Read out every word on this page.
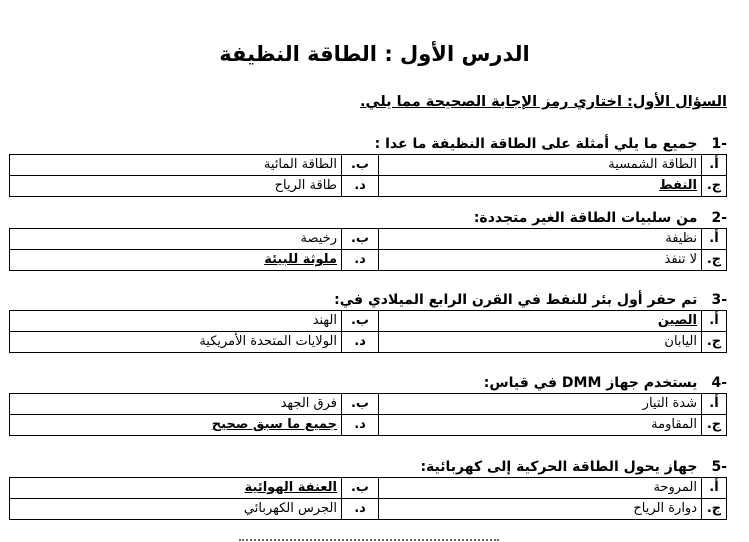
الدرس الأول : الطاقة النظيفة
السؤال الأول: اختاري رمز الإجابة الصحيحة مما يلي.
-1جميع ما يلي أمثلة على الطاقة النظيفة ما عدا :
أ.	الطاقة الشمسية	ب.	الطاقة المائية
ج.	النفط	د.	طاقة الرياح
-2من سلبيات الطاقة الغير متجددة:
أ.	نظيفة	ب.	رخيصة
ج.	لا تنفذ	د.	ملوثة للبيئة
-3تم حفر أول بئر للنفط في القرن الرابع الميلادي في:
أ.	الصين	ب.	الهند
ج.	اليابان	د.	الولايات المتحدة الأمريكية
-4يستخدم جهاز DMM في قياس:
أ.	شدة التيار	ب.	فرق الجهد
ج.	المقاومة	د.	جميع ما سبق صحيح
-5جهاز يحول الطاقة الحركية إلى كهربائية:
أ.	المروحة	ب.	العنفة الهوائية
ج.	دوارة الرياح	د.	الجرس الكهربائي
